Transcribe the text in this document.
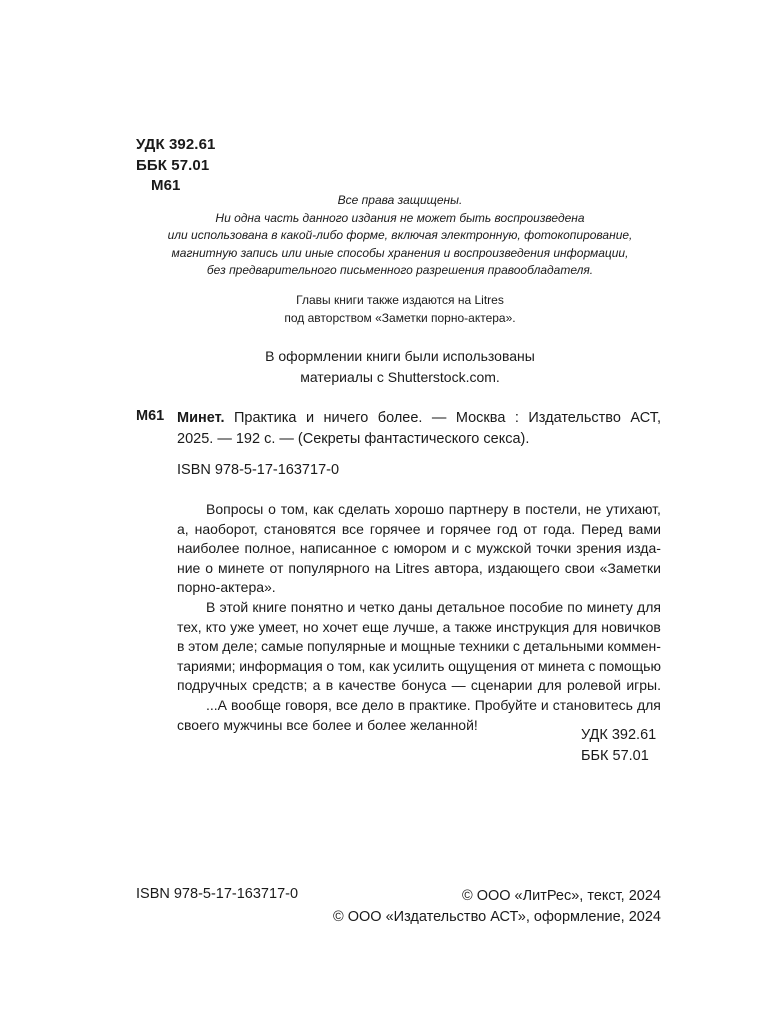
УДК 392.61
ББК 57.01
М61
Все права защищены.
Ни одна часть данного издания не может быть воспроизведена
или использована в какой-либо форме, включая электронную, фотокопирование,
магнитную запись или иные способы хранения и воспроизведения информации,
без предварительного письменного разрешения правообладателя.
Главы книги также издаются на Litres
под авторством «Заметки порно-актера».
В оформлении книги были использованы
материалы с Shutterstock.com.
М61 Минет. Практика и ничего более. — Москва : Издательство АСТ,
2025. — 192 с. — (Секреты фантастического секса).
ISBN 978-5-17-163717-0
Вопросы о том, как сделать хорошо партнеру в постели, не утихают,
а, наоборот, становятся все горячее и горячее год от года. Перед вами
наиболее полное, написанное с юмором и с мужской точки зрения изда-
ние о минете от популярного на Litres автора, издающего свои «Заметки
порно-актера».
В этой книге понятно и четко даны детальное пособие по минету для
тех, кто уже умеет, но хочет еще лучше, а также инструкция для новичков
в этом деле; самые популярные и мощные техники с детальными коммен-
тариями; информация о том, как усилить ощущения от минета с помощью
подручных средств; а в качестве бонуса — сценарии для ролевой игры.
...А вообще говоря, все дело в практике. Пробуйте и становитесь для
своего мужчины все более и более желанной!
УДК 392.61
ББК 57.01
ISBN 978-5-17-163717-0	© ООО «ЛитРес», текст, 2024
© ООО «Издательство АСТ», оформление, 2024
